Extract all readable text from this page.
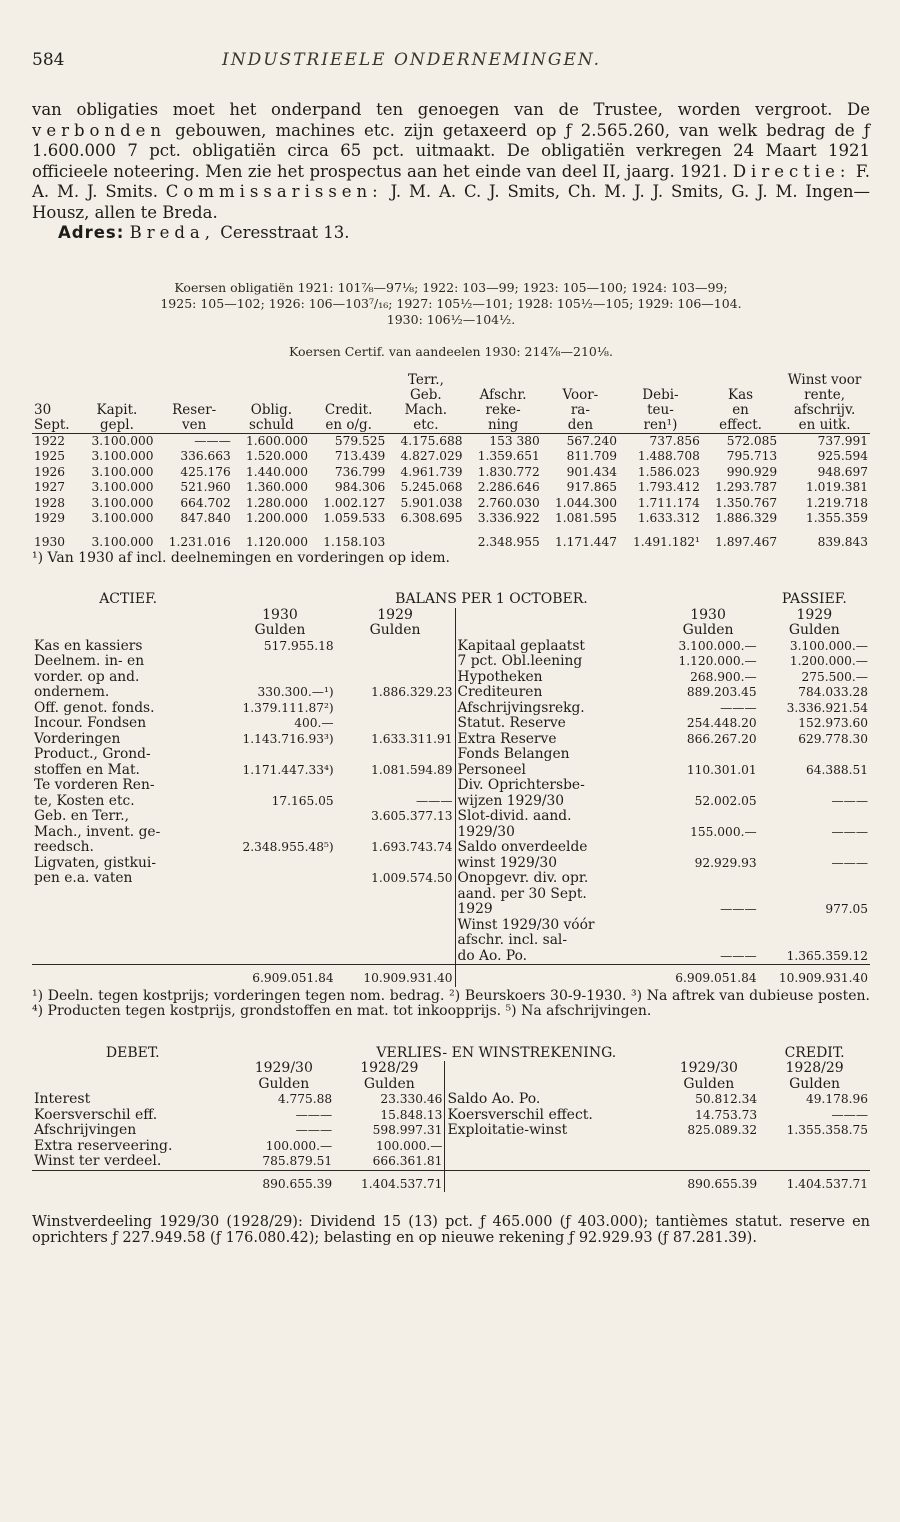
584	INDUSTRIEELE ONDERNEMINGEN.
van obligaties moet het onderpand ten genoegen van de Trustee, worden vergroot. De verbonden gebouwen, machines etc. zijn getaxeerd op ƒ 2.565.260, van welk bedrag de ƒ 1.600.000 7 pct. obligatiën circa 65 pct. uitmaakt. De obligatiën verkregen 24 Maart 1921 officieele noteering. Men zie het prospectus aan het einde van deel II, jaarg. 1921. Directie: F. A. M. J. Smits. Commissarissen: J. M. A. C. J. Smits, Ch. M. J. J. Smits, G. J. M. Ingen—Housz, allen te Breda.
Adres: Breda, Ceresstraat 13.
Koersen obligatiën 1921: 101⅞—97⅛; 1922: 103—99; 1923: 105—100; 1924: 103—99;
1925: 105—102; 1926: 106—103⁷/₁₆; 1927: 105½—101; 1928: 105½—105; 1929: 106—104.
1930: 106½—104½.
Koersen Certif. van aandeelen 1930: 214⅞—210⅛.
					Terr.,					Winst voor
					Geb.	Afschr.	Voor-	Debi-	Kas	rente,
30	Kapit.	Reser-	Oblig.	Credit.	Mach.	reke-	ra-	teu-	en	afschrijv.
Sept.	gepl.	ven	schuld	en o/g.	etc.	ning	den	ren¹)	effect.	en uitk.
1922	3.100.000	———	1.600.000	579.525	4.175.688	153 380	567.240	737.856	572.085	737.991
1925	3.100.000	336.663	1.520.000	713.439	4.827.029	1.359.651	811.709	1.488.708	795.713	925.594
1926	3.100.000	425.176	1.440.000	736.799	4.961.739	1.830.772	901.434	1.586.023	990.929	948.697
1927	3.100.000	521.960	1.360.000	984.306	5.245.068	2.286.646	917.865	1.793.412	1.293.787	1.019.381
1928	3.100.000	664.702	1.280.000	1.002.127	5.901.038	2.760.030	1.044.300	1.711.174	1.350.767	1.219.718
1929	3.100.000	847.840	1.200.000	1.059.533	6.308.695	3.336.922	1.081.595	1.633.312	1.886.329	1.355.359
1930	3.100.000	1.231.016	1.120.000	1.158.103		2.348.955	1.171.447	1.491.182¹	1.897.467	839.843
¹) Van 1930 af incl. deelnemingen en vorderingen op idem.
ACTIEF.	BALANS PER 1 OCTOBER.				PASSIEF.
	1930	1929		1930	1929
	Gulden	Gulden		Gulden	Gulden
Kas en kassiers	517.955.18		Kapitaal geplaatst	3.100.000.—	3.100.000.—
Deelnem. in- en			7 pct. Obl.leening	1.120.000.—	1.200.000.—
vorder. op and.			Hypotheken	268.900.—	275.500.—
ondernem.	330.300.—¹)	1.886.329.23	Crediteuren	889.203.45	784.033.28
Off. genot. fonds.	1.379.111.87²)		Afschrijvingsrekg.	———	3.336.921.54
Incour. Fondsen	400.—		Statut. Reserve	254.448.20	152.973.60
Vorderingen	1.143.716.93³)	1.633.311.91	Extra Reserve	866.267.20	629.778.30
Product., Grond-			Fonds Belangen		
stoffen en Mat.	1.171.447.33⁴)	1.081.594.89	Personeel	110.301.01	64.388.51
Te vorderen Ren-			Div. Oprichtersbe-		
te, Kosten etc.	17.165.05	———	wijzen 1929/30	52.002.05	———
Geb. en Terr.,		3.605.377.13	Slot-divid. aand.		
Mach., invent. ge-			1929/30	155.000.—	———
reedsch.	2.348.955.48⁵)	1.693.743.74	Saldo onverdeelde		
Ligvaten, gistkui-			winst 1929/30	92.929.93	———
pen e.a. vaten		1.009.574.50	Onopgevr. div. opr.		
			aand. per 30 Sept.		
			1929	———	977.05
			Winst 1929/30 vóór		
			afschr. incl. sal-		
			do Ao. Po.	———	1.365.359.12
	6.909.051.84	10.909.931.40		6.909.051.84	10.909.931.40
¹) Deeln. tegen kostprijs; vorderingen tegen nom. bedrag. ²) Beurskoers 30-9-1930. ³) Na aftrek van dubieuse posten. ⁴) Producten tegen kostprijs, grondstoffen en mat. tot inkoopprijs. ⁵) Na afschrijvingen.
DEBET.	VERLIES- EN WINSTREKENING.				CREDIT.
	1929/30	1928/29		1929/30	1928/29
	Gulden	Gulden		Gulden	Gulden
Interest	4.775.88	23.330.46	Saldo Ao. Po.	50.812.34	49.178.96
Koersverschil eff.	———	15.848.13	Koersverschil effect.	14.753.73	———
Afschrijvingen	———	598.997.31	Exploitatie-winst	825.089.32	1.355.358.75
Extra reserveering.	100.000.—	100.000.—			
Winst ter verdeel.	785.879.51	666.361.81			
	890.655.39	1.404.537.71		890.655.39	1.404.537.71
Winstverdeeling 1929/30 (1928/29): Dividend 15 (13) pct. ƒ 465.000 (ƒ 403.000); tantièmes statut. reserve en oprichters ƒ 227.949.58 (ƒ 176.080.42); belasting en op nieuwe rekening ƒ 92.929.93 (ƒ 87.281.39).
